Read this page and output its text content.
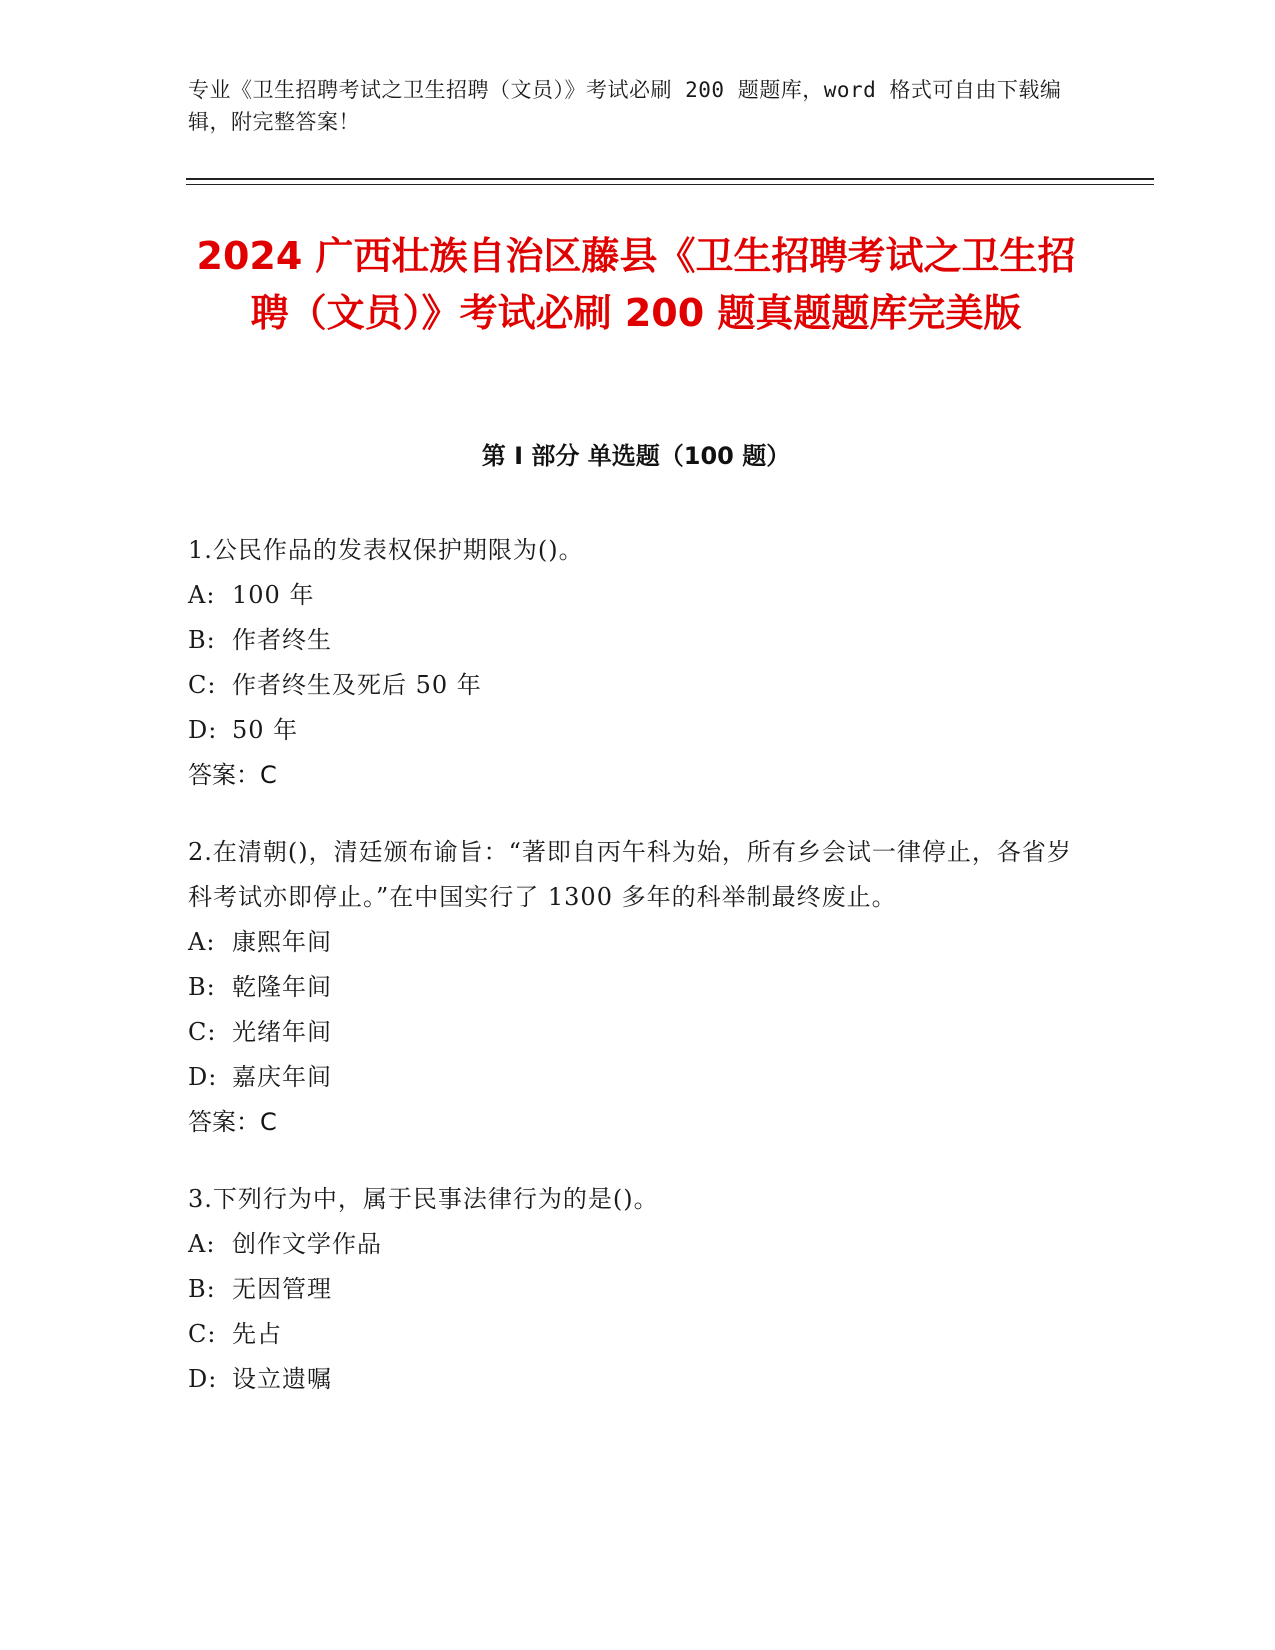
专业《卫生招聘考试之卫生招聘（文员）》考试必刷 200 题题库，word 格式可自由下载编辑，附完整答案！
2024 广西壮族自治区藤县《卫生招聘考试之卫生招聘（文员）》考试必刷 200 题真题题库完美版
第 I 部分 单选题（100 题）

1.公民作品的发表权保护期限为()。

A: 100 年

B: 作者终生

C: 作者终生及死后 50 年

D: 50 年

答案：C

2.在清朝()，清廷颁布谕旨：“著即自丙午科为始，所有乡会试一律停止，各省岁科考试亦即停止。”在中国实行了 1300 多年的科举制最终废止。

A: 康熙年间

B: 乾隆年间

C: 光绪年间

D: 嘉庆年间

答案：C

3.下列行为中，属于民事法律行为的是()。

A: 创作文学作品

B: 无因管理

C: 先占

D: 设立遗嘱
